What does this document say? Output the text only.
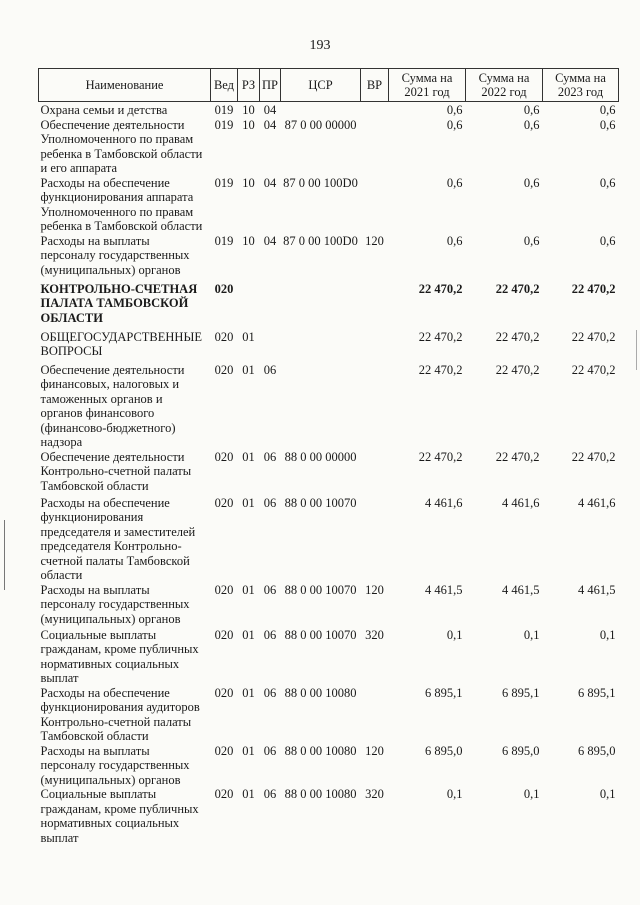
193
Наименование	Вед	РЗ	ПР	ЦСР	ВР	Сумма на 2021 год	Сумма на 2022 год	Сумма на 2023 год
Охрана семьи и детства	019	10	04			0,6	0,6	0,6
Обеспечение деятельности Уполномоченного по правам ребенка в Тамбовской области и его аппарата	019	10	04	87 0 00 00000		0,6	0,6	0,6
Расходы на обеспечение функционирования аппарата Уполномоченного по правам ребенка в Тамбовской области	019	10	04	87 0 00 100D0		0,6	0,6	0,6
Расходы на выплаты персоналу государственных (муниципальных) органов	019	10	04	87 0 00 100D0	120	0,6	0,6	0,6
КОНТРОЛЬНО-СЧЕТНАЯ ПАЛАТА ТАМБОВСКОЙ ОБЛАСТИ	020					22 470,2	22 470,2	22 470,2
ОБЩЕГОСУДАРСТВЕННЫЕ ВОПРОСЫ	020	01				22 470,2	22 470,2	22 470,2
Обеспечение деятельности финансовых, налоговых и таможенных органов и органов финансового (финансово-бюджетного) надзора	020	01	06			22 470,2	22 470,2	22 470,2
Обеспечение деятельности Контрольно-счетной палаты Тамбовской области	020	01	06	88 0 00 00000		22 470,2	22 470,2	22 470,2
Расходы на обеспечение функционирования председателя и заместителей председателя Контрольно-счетной палаты Тамбовской области	020	01	06	88 0 00 10070		4 461,6	4 461,6	4 461,6
Расходы на выплаты персоналу государственных (муниципальных) органов	020	01	06	88 0 00 10070	120	4 461,5	4 461,5	4 461,5
Социальные выплаты гражданам, кроме публичных нормативных социальных выплат	020	01	06	88 0 00 10070	320	0,1	0,1	0,1
Расходы на обеспечение функционирования аудиторов Контрольно-счетной палаты Тамбовской области	020	01	06	88 0 00 10080		6 895,1	6 895,1	6 895,1
Расходы на выплаты персоналу государственных (муниципальных) органов	020	01	06	88 0 00 10080	120	6 895,0	6 895,0	6 895,0
Социальные выплаты гражданам, кроме публичных нормативных социальных выплат	020	01	06	88 0 00 10080	320	0,1	0,1	0,1
